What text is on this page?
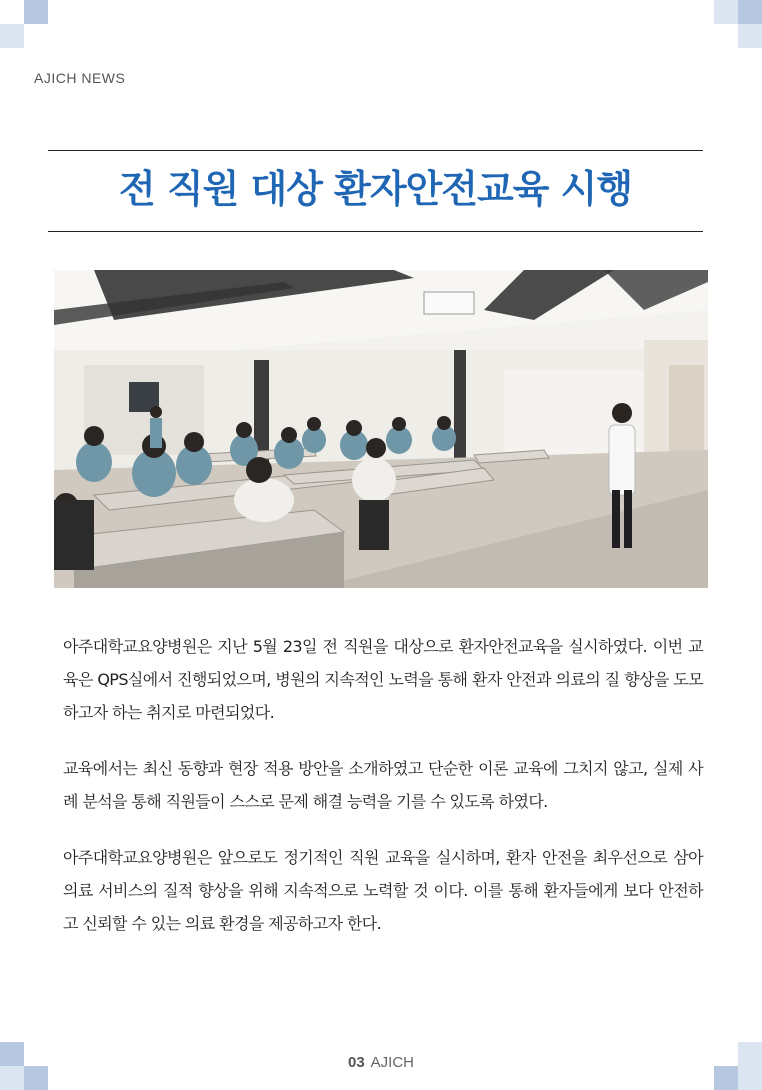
AJICH NEWS
전 직원 대상 환자안전교육 시행

아주대학교요양병원은 지난 5월 23일 전 직원을 대상으로 환자안전교육을 실시하였다. 이번 교육은 QPS실에서 진행되었으며, 병원의 지속적인 노력을 통해 환자 안전과 의료의 질 향상을 도모하고자 하는 취지로 마련되었다.

교육에서는 최신 동향과 현장 적용 방안을 소개하였고 단순한 이론 교육에 그치지 않고, 실제 사례 분석을 통해 직원들이 스스로 문제 해결 능력을 기를 수 있도록 하였다.

아주대학교요양병원은 앞으로도 정기적인 직원 교육을 실시하며, 환자 안전을 최우선으로 삼아 의료 서비스의 질적 향상을 위해 지속적으로 노력할 것 이다. 이를 통해 환자들에게 보다 안전하고 신뢰할 수 있는 의료 환경을 제공하고자 한다.

03 AJICH
